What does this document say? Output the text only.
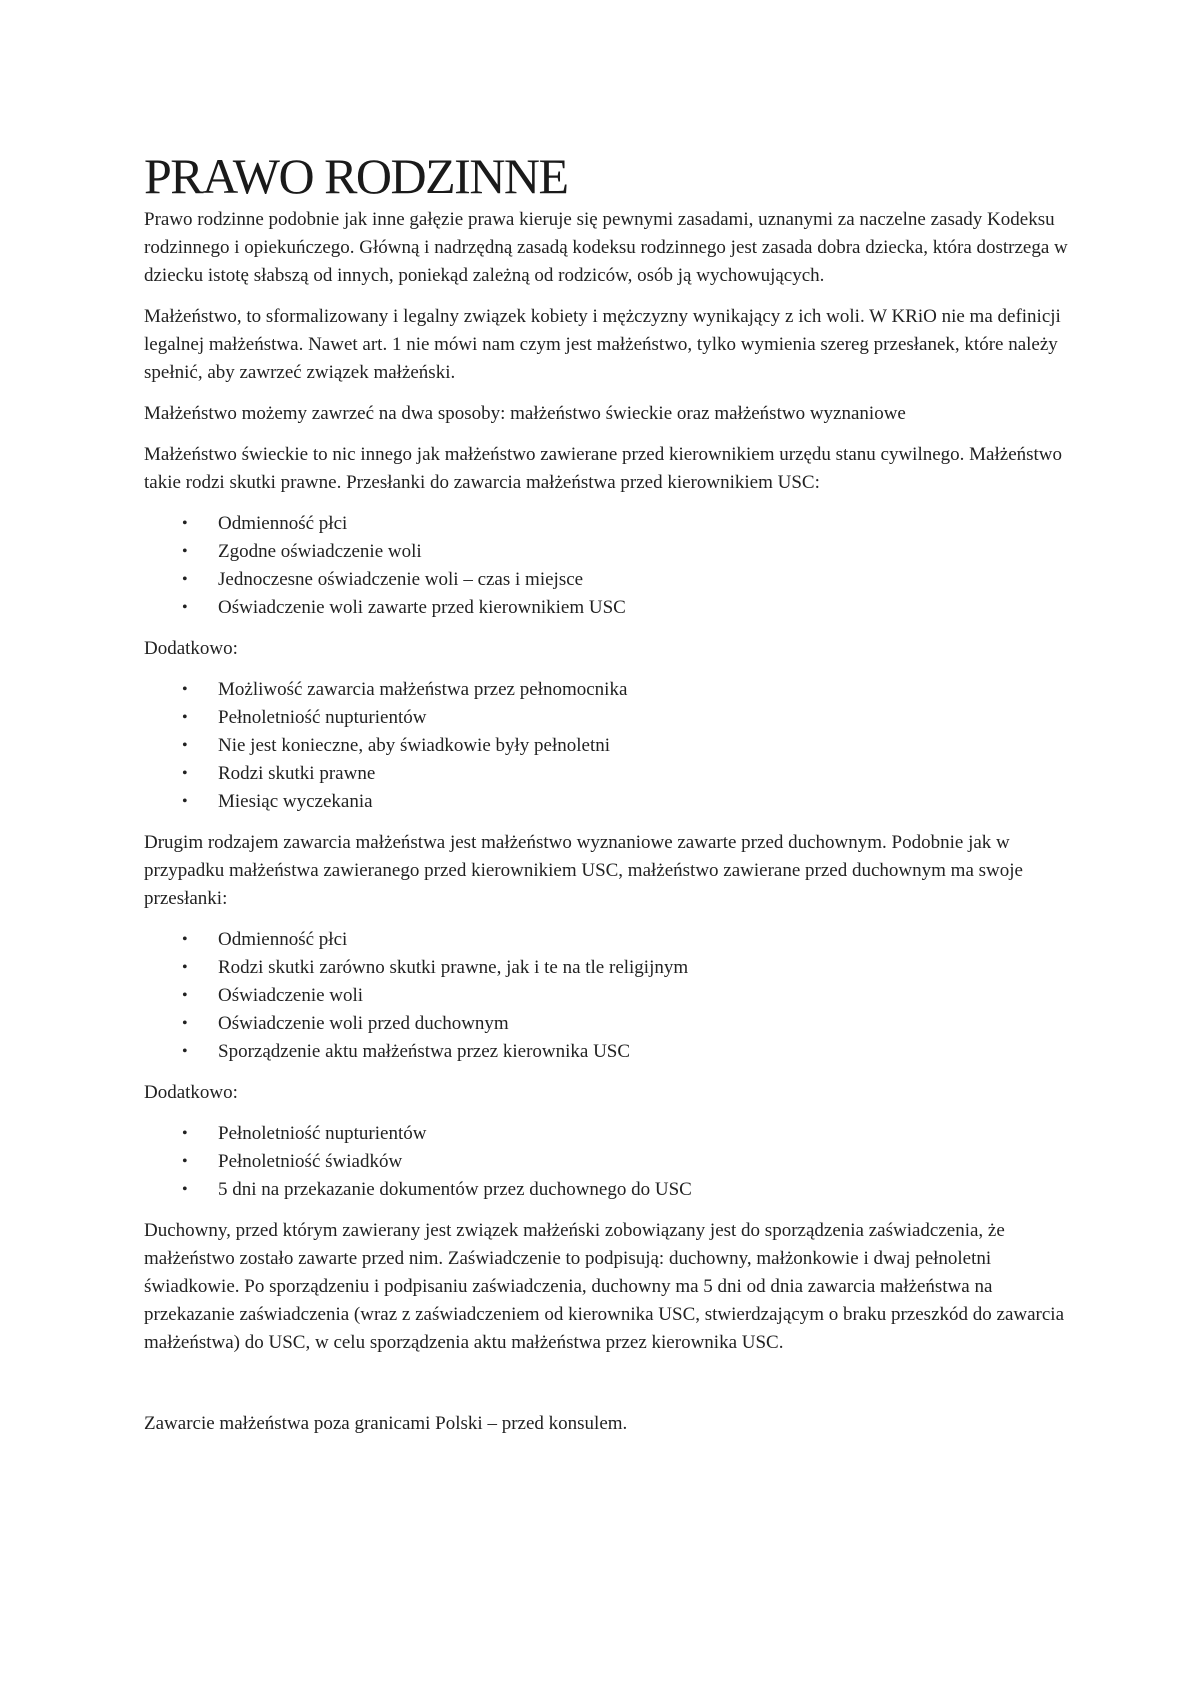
PRAWO RODZINNE

Prawo rodzinne podobnie jak inne gałęzie prawa kieruje się pewnymi zasadami, uznanymi za naczelne zasady Kodeksu rodzinnego i opiekuńczego. Główną i nadrzędną zasadą kodeksu rodzinnego jest zasada dobra dziecka, która dostrzega w dziecku istotę słabszą od innych, poniekąd zależną od rodziców, osób ją wychowujących.

Małżeństwo, to sformalizowany i legalny związek kobiety i mężczyzny wynikający z ich woli. W KRiO nie ma definicji legalnej małżeństwa. Nawet art. 1 nie mówi nam czym jest małżeństwo, tylko wymienia szereg przesłanek, które należy spełnić, aby zawrzeć związek małżeński.

Małżeństwo możemy zawrzeć na dwa sposoby: małżeństwo świeckie oraz małżeństwo wyznaniowe

Małżeństwo świeckie to nic innego jak małżeństwo zawierane przed kierownikiem urzędu stanu cywilnego. Małżeństwo takie rodzi skutki prawne. Przesłanki do zawarcia małżeństwa przed kierownikiem USC:

• Odmienność płci
• Zgodne oświadczenie woli
• Jednoczesne oświadczenie woli – czas i miejsce
• Oświadczenie woli zawarte przed kierownikiem USC

Dodatkowo:

• Możliwość zawarcia małżeństwa przez pełnomocnika
• Pełnoletniość nupturientów
• Nie jest konieczne, aby świadkowie były pełnoletni
• Rodzi skutki prawne
• Miesiąc wyczekania

Drugim rodzajem zawarcia małżeństwa jest małżeństwo wyznaniowe zawarte przed duchownym. Podobnie jak w przypadku małżeństwa zawieranego przed kierownikiem USC, małżeństwo zawierane przed duchownym ma swoje przesłanki:

• Odmienność płci
• Rodzi skutki zarówno skutki prawne, jak i te na tle religijnym
• Oświadczenie woli
• Oświadczenie woli przed duchownym
• Sporządzenie aktu małżeństwa przez kierownika USC

Dodatkowo:

• Pełnoletniość nupturientów
• Pełnoletniość świadków
• 5 dni na przekazanie dokumentów przez duchownego do USC

Duchowny, przed którym zawierany jest związek małżeński zobowiązany jest do sporządzenia zaświadczenia, że małżeństwo zostało zawarte przed nim. Zaświadczenie to podpisują: duchowny, małżonkowie i dwaj pełnoletni świadkowie. Po sporządzeniu i podpisaniu zaświadczenia, duchowny ma 5 dni od dnia zawarcia małżeństwa na przekazanie zaświadczenia (wraz z zaświadczeniem od kierownika USC, stwierdzającym o braku przeszkód do zawarcia małżeństwa) do USC, w celu sporządzenia aktu małżeństwa przez kierownika USC.

Zawarcie małżeństwa poza granicami Polski – przed konsulem.
